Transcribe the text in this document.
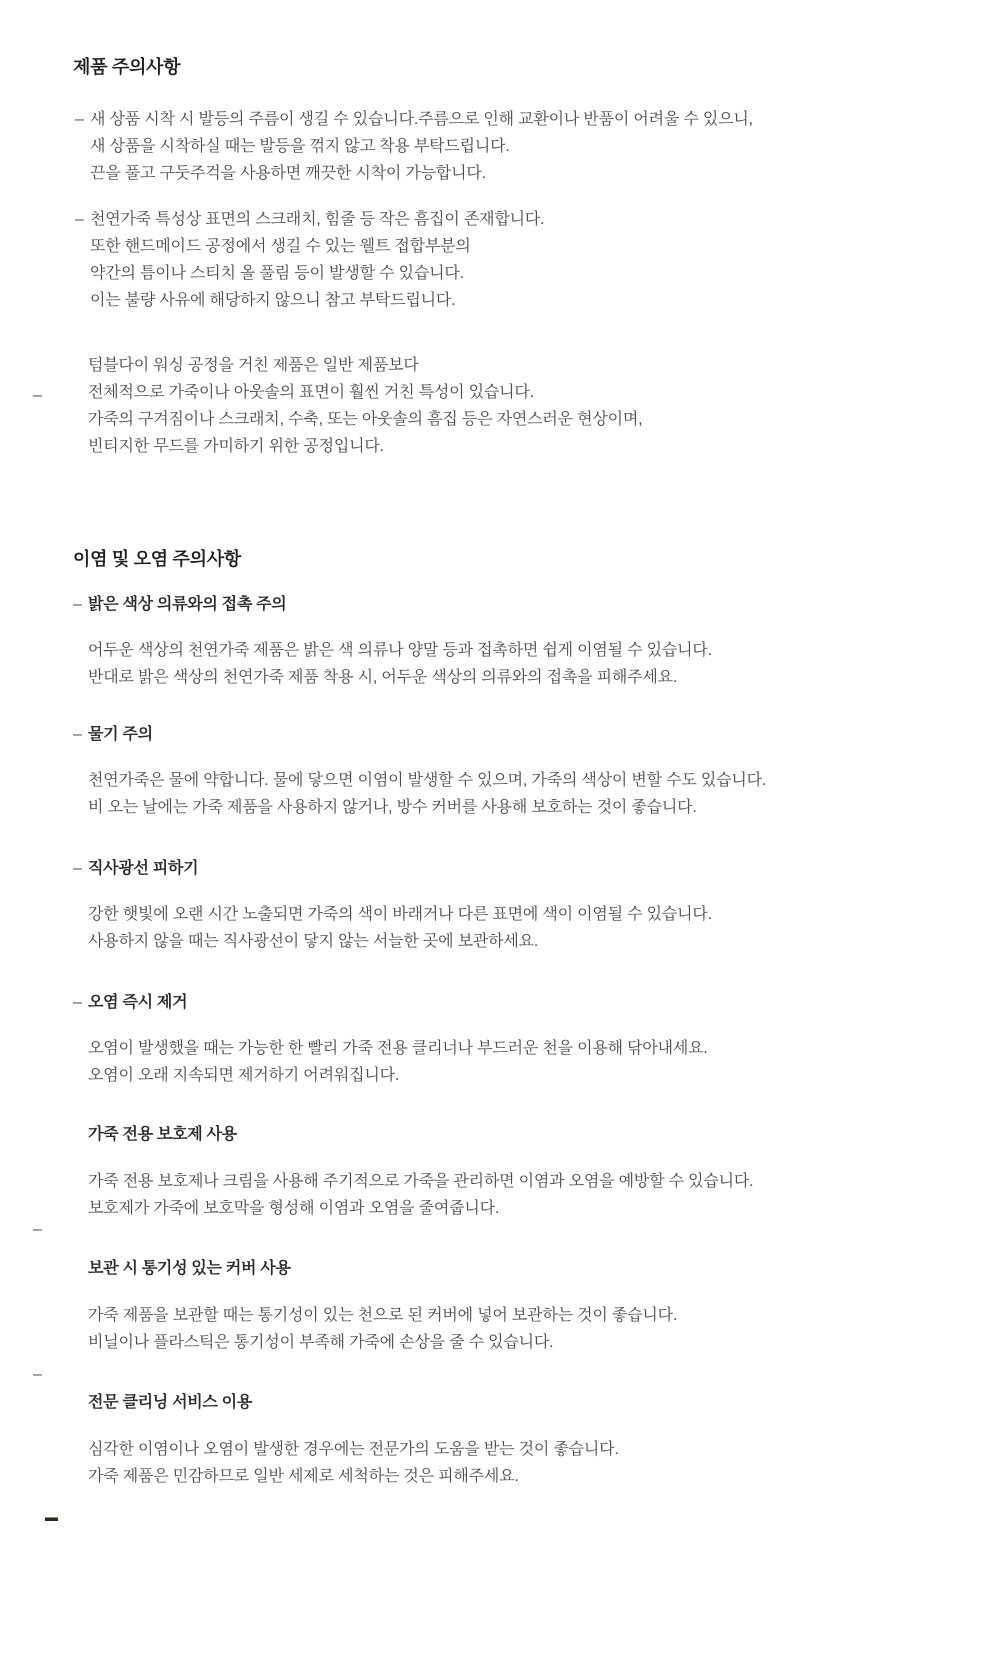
제품 주의사항
– 새 상품 시착 시 발등의 주름이 생길 수 있습니다.주름으로 인해 교환이나 반품이 어려울 수 있으니,
새 상품을 시착하실 때는 발등을 꺾지 않고 착용 부탁드립니다.
끈을 풀고 구둣주걱을 사용하면 깨끗한 시착이 가능합니다.
– 천연가죽 특성상 표면의 스크래치, 힘줄 등 작은 흠집이 존재합니다.
또한 핸드메이드 공정에서 생길 수 있는 웰트 접합부분의
약간의 틈이나 스티치 올 풀림 등이 발생할 수 있습니다.
이는 불량 사유에 해당하지 않으니 참고 부탁드립니다.
–
텀블다이 워싱 공정을 거친 제품은 일반 제품보다
전체적으로 가죽이나 아웃솔의 표면이 훨씬 거친 특성이 있습니다.
가죽의 구겨짐이나 스크래치, 수축, 또는 아웃솔의 흠집 등은 자연스러운 현상이며,
빈티지한 무드를 가미하기 위한 공정입니다.
이염 및 오염 주의사항
– 밝은 색상 의류와의 접촉 주의
어두운 색상의 천연가죽 제품은 밝은 색 의류나 양말 등과 접촉하면 쉽게 이염될 수 있습니다.
반대로 밝은 색상의 천연가죽 제품 착용 시, 어두운 색상의 의류와의 접촉을 피해주세요.
– 물기 주의
천연가죽은 물에 약합니다. 물에 닿으면 이염이 발생할 수 있으며, 가죽의 색상이 변할 수도 있습니다.
비 오는 날에는 가죽 제품을 사용하지 않거나, 방수 커버를 사용해 보호하는 것이 좋습니다.
– 직사광선 피하기
강한 햇빛에 오랜 시간 노출되면 가죽의 색이 바래거나 다른 표면에 색이 이염될 수 있습니다.
사용하지 않을 때는 직사광선이 닿지 않는 서늘한 곳에 보관하세요.
– 오염 즉시 제거
오염이 발생했을 때는 가능한 한 빨리 가죽 전용 클리너나 부드러운 천을 이용해 닦아내세요.
오염이 오래 지속되면 제거하기 어려워집니다.
가죽 전용 보호제 사용
가죽 전용 보호제나 크림을 사용해 주기적으로 가죽을 관리하면 이염과 오염을 예방할 수 있습니다.
보호제가 가죽에 보호막을 형성해 이염과 오염을 줄여줍니다.
–
보관 시 통기성 있는 커버 사용
가죽 제품을 보관할 때는 통기성이 있는 천으로 된 커버에 넣어 보관하는 것이 좋습니다.
비닐이나 플라스틱은 통기성이 부족해 가죽에 손상을 줄 수 있습니다.
–
전문 클리닝 서비스 이용
심각한 이염이나 오염이 발생한 경우에는 전문가의 도움을 받는 것이 좋습니다.
가죽 제품은 민감하므로 일반 세제로 세척하는 것은 피해주세요.
